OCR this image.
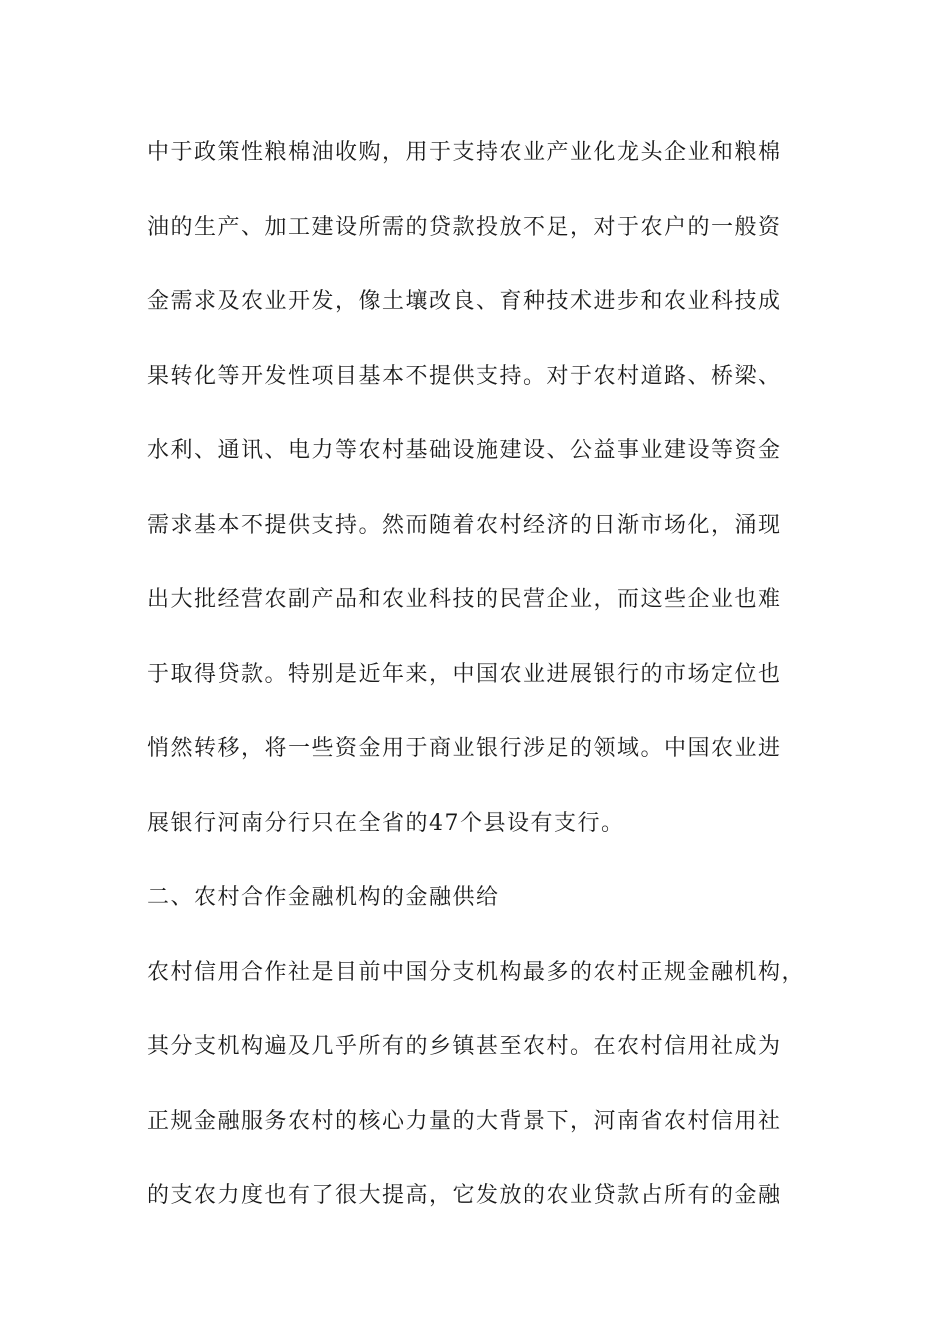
中于政策性粮棉油收购，用于支持农业产业化龙头企业和粮棉
油的生产、加工建设所需的贷款投放不足，对于农户的一般资
金需求及农业开发，像土壤改良、育种技术进步和农业科技成
果转化等开发性项目基本不提供支持。对于农村道路、桥梁、
水利、通讯、电力等农村基础设施建设、公益事业建设等资金
需求基本不提供支持。然而随着农村经济的日渐市场化，涌现
出大批经营农副产品和农业科技的民营企业，而这些企业也难
于取得贷款。特别是近年来，中国农业进展银行的市场定位也
悄然转移，将一些资金用于商业银行涉足的领域。中国农业进
展银行河南分行只在全省的47个县设有支行。
二、农村合作金融机构的金融供给
农村信用合作社是目前中国分支机构最多的农村正规金融机构，
其分支机构遍及几乎所有的乡镇甚至农村。在农村信用社成为
正规金融服务农村的核心力量的大背景下，河南省农村信用社
的支农力度也有了很大提高，它发放的农业贷款占所有的金融
